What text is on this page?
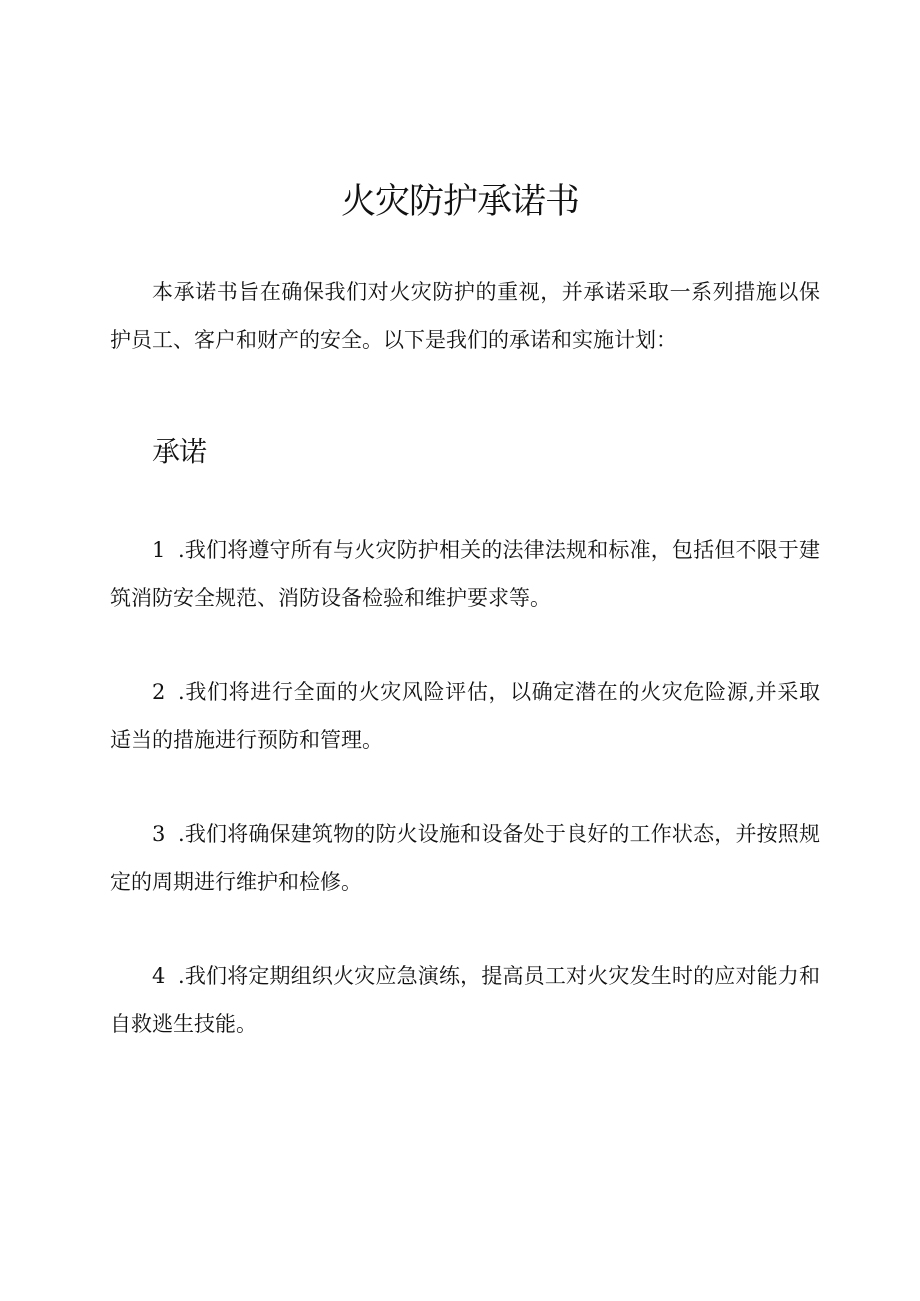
火灾防护承诺书

本承诺书旨在确保我们对火灾防护的重视，并承诺采取一系列措施以保护员工、客户和财产的安全。以下是我们的承诺和实施计划：

承诺

1 .我们将遵守所有与火灾防护相关的法律法规和标准，包括但不限于建筑消防安全规范、消防设备检验和维护要求等。

2 .我们将进行全面的火灾风险评估，以确定潜在的火灾危险源,并采取适当的措施进行预防和管理。

3 .我们将确保建筑物的防火设施和设备处于良好的工作状态，并按照规定的周期进行维护和检修。

4 .我们将定期组织火灾应急演练，提高员工对火灾发生时的应对能力和自救逃生技能。
